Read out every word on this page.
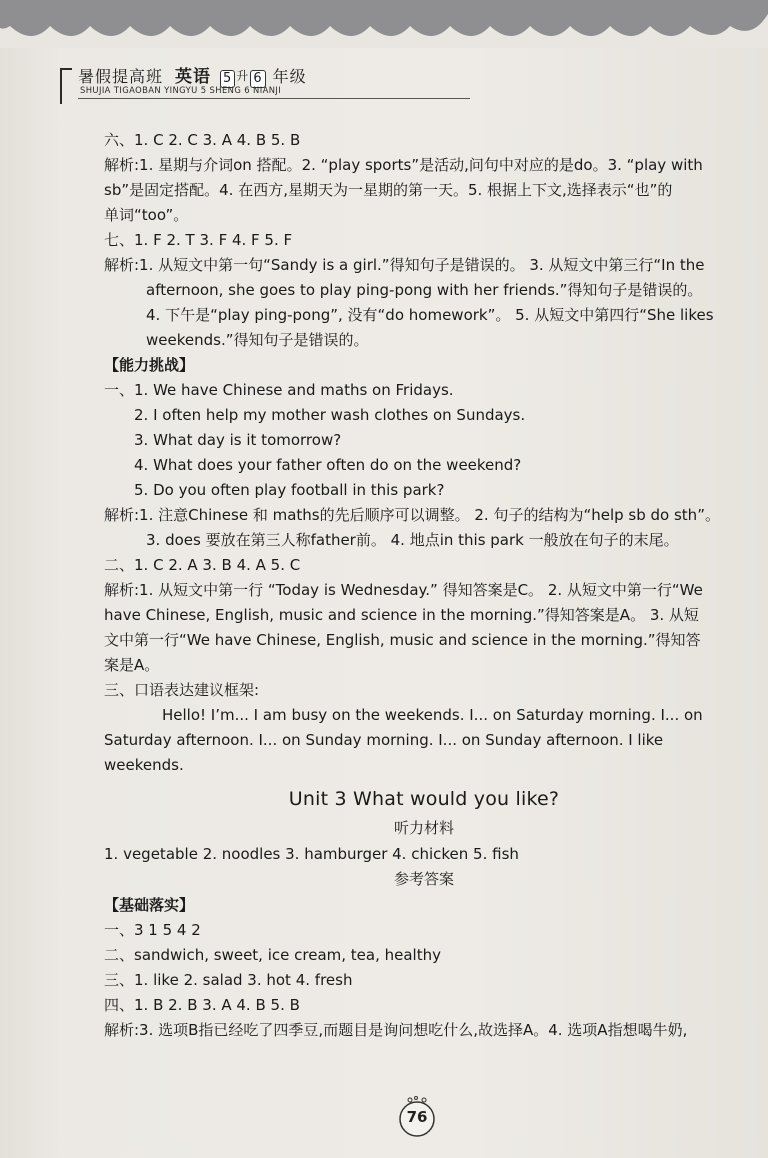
暑假提高班 英语 5 升 6 年级
SHUJIA TIGAOBAN YINGYU 5 SHENG 6 NIANJI
六、1. C 2. C 3. A 4. B 5. B
解析:1. 星期与介词on 搭配。2. “play sports”是活动,问句中对应的是do。3. “play with
sb”是固定搭配。4. 在西方,星期天为一星期的第一天。5. 根据上下文,选择表示“也”的
单词“too”。
七、1. F 2. T 3. F 4. F 5. F
解析:1. 从短文中第一句“Sandy is a girl.”得知句子是错误的。 3. 从短文中第三行“In the
afternoon, she goes to play ping-pong with her friends.”得知句子是错误的。
4. 下午是“play ping-pong”, 没有“do homework”。 5. 从短文中第四行“She likes
weekends.”得知句子是错误的。
【能力挑战】
一、1. We have Chinese and maths on Fridays.
2. I often help my mother wash clothes on Sundays.
3. What day is it tomorrow?
4. What does your father often do on the weekend?
5. Do you often play football in this park?
解析:1. 注意Chinese 和 maths的先后顺序可以调整。 2. 句子的结构为“help sb do sth”。
3. does 要放在第三人称father前。 4. 地点in this park 一般放在句子的末尾。
二、1. C 2. A 3. B 4. A 5. C
解析:1. 从短文中第一行 “Today is Wednesday.” 得知答案是C。 2. 从短文中第一行“We
have Chinese, English, music and science in the morning.”得知答案是A。 3. 从短
文中第一行“We have Chinese, English, music and science in the morning.”得知答
案是A。
三、口语表达建议框架:
Hello! I’m... I am busy on the weekends. I... on Saturday morning. I... on
Saturday afternoon. I... on Sunday morning. I... on Sunday afternoon. I like
weekends.
Unit 3 What would you like?
听力材料
1. vegetable 2. noodles 3. hamburger 4. chicken 5. fish
参考答案
【基础落实】
一、3 1 5 4 2
二、sandwich, sweet, ice cream, tea, healthy
三、1. like 2. salad 3. hot 4. fresh
四、1. B 2. B 3. A 4. B 5. B
解析:3. 选项B指已经吃了四季豆,而题目是询问想吃什么,故选择A。4. 选项A指想喝牛奶,
76
